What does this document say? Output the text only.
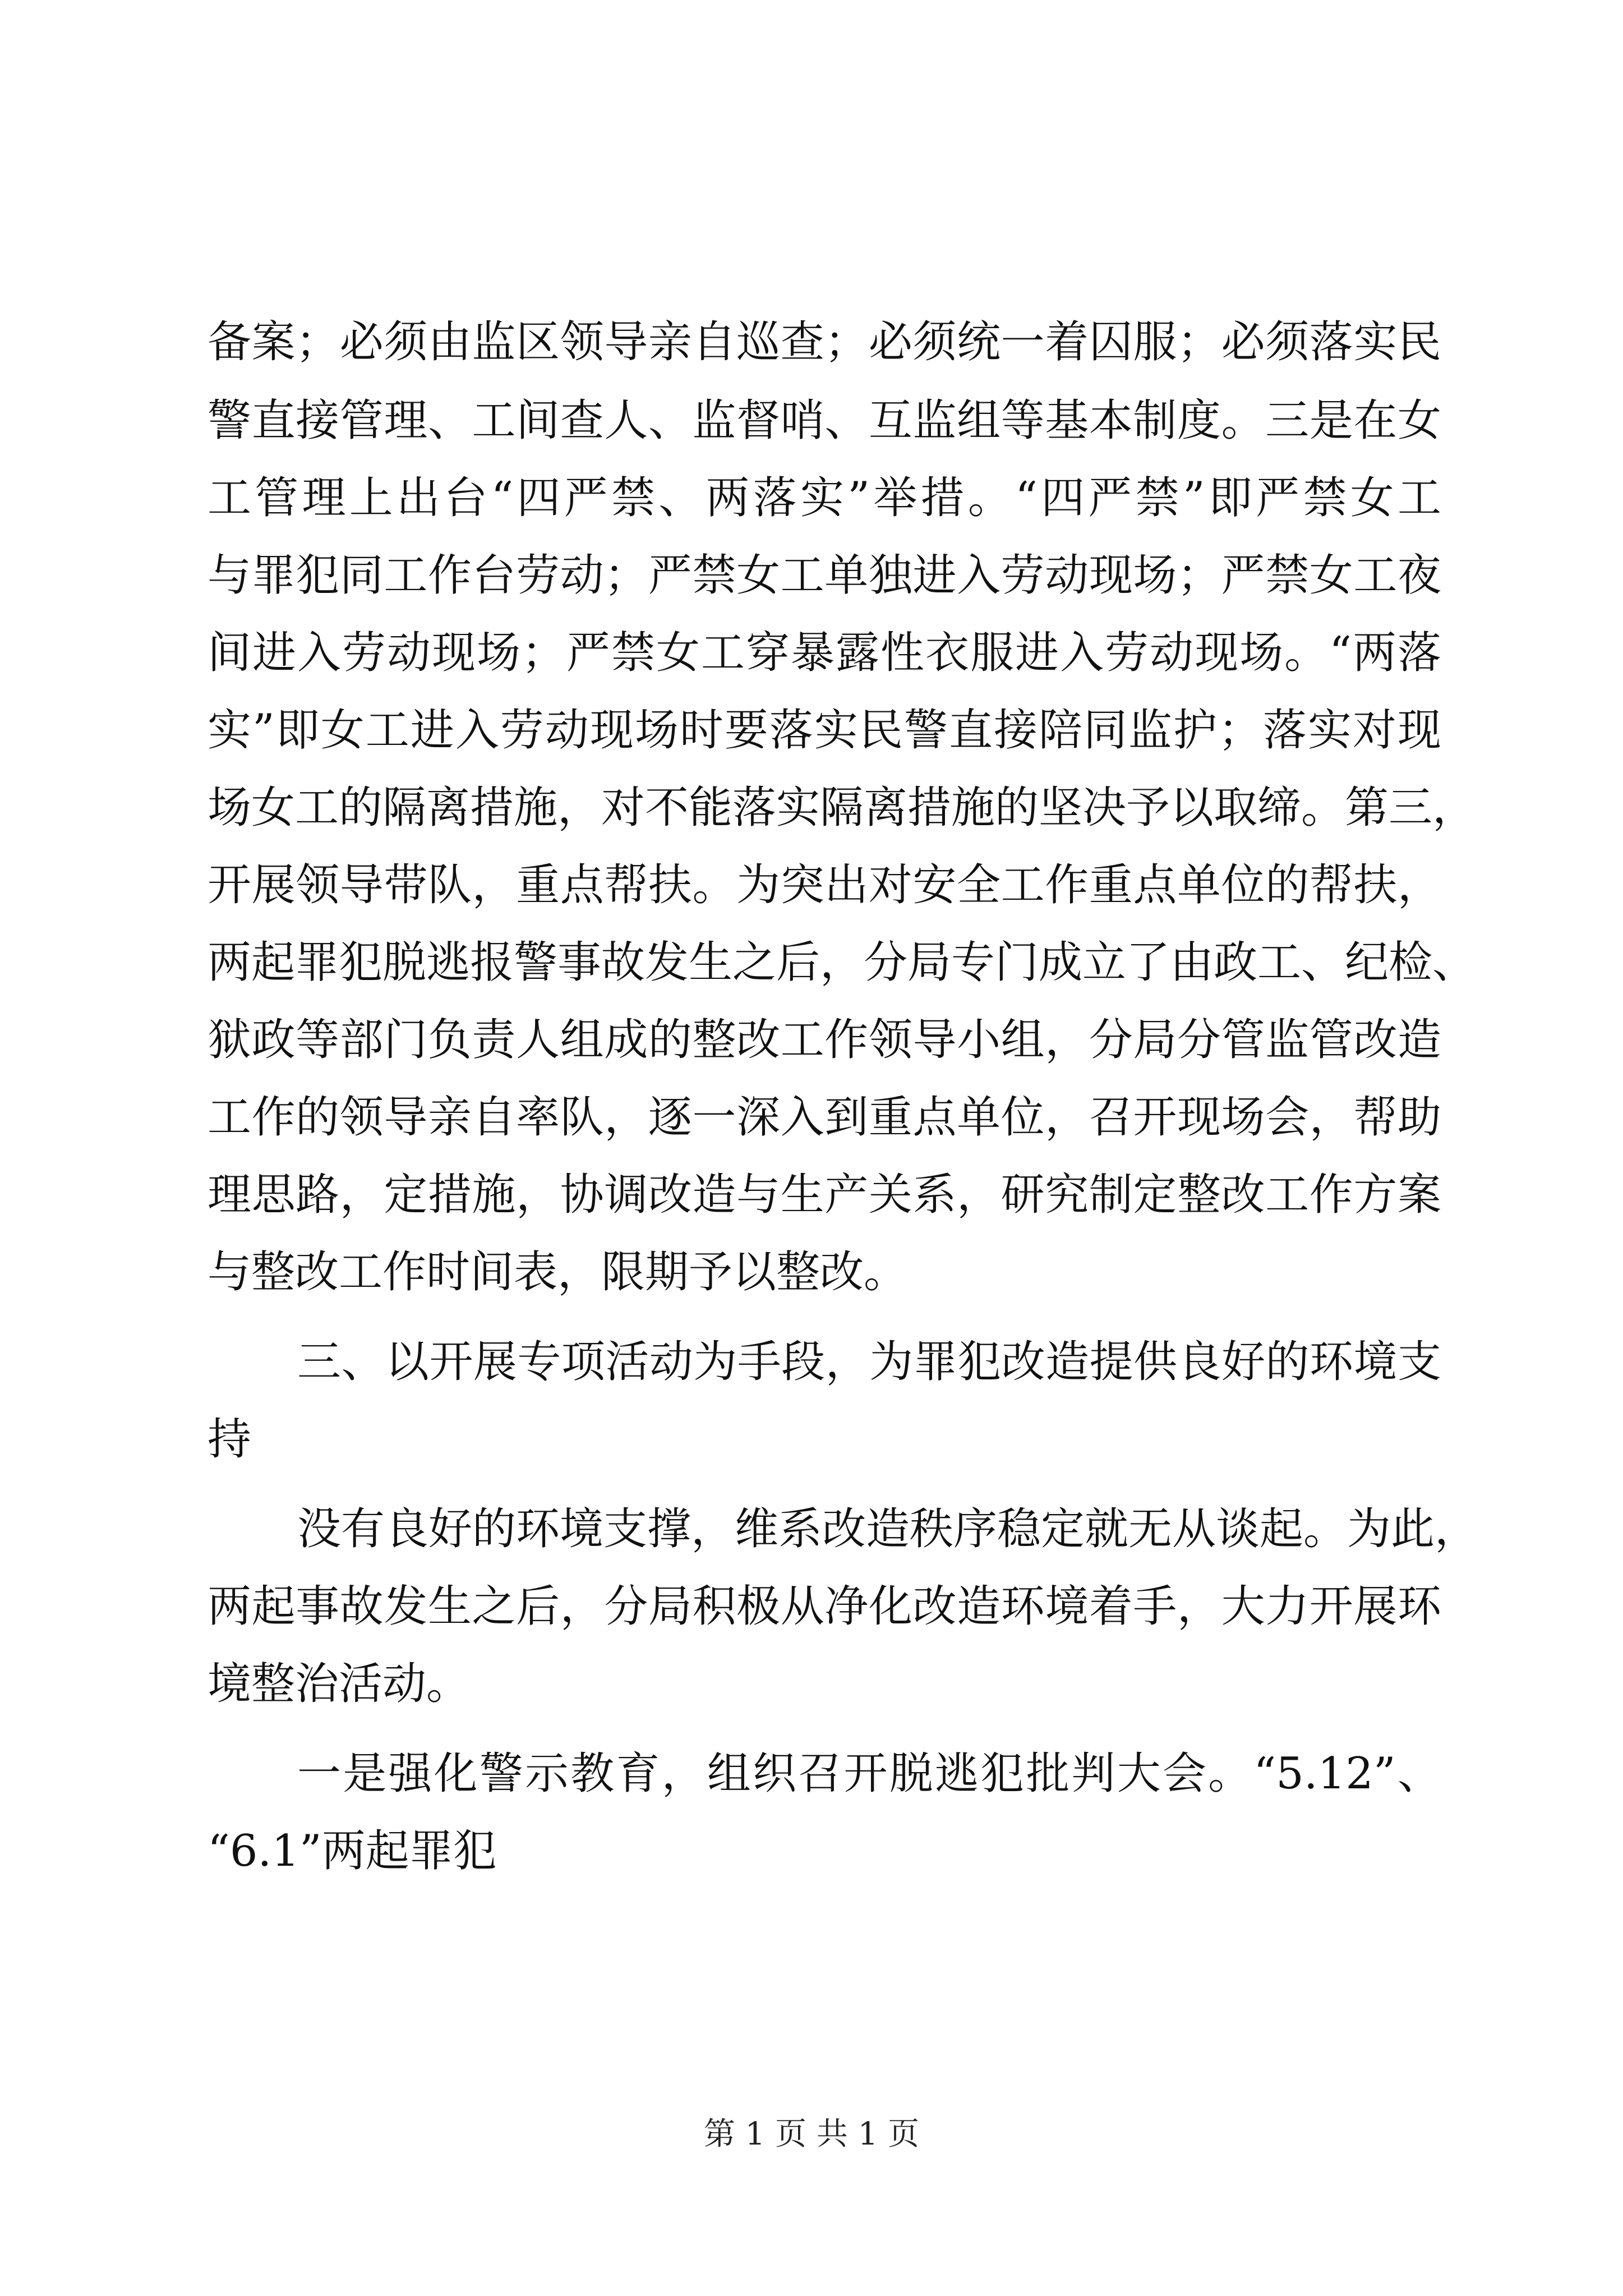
备案；必须由监区领导亲自巡查；必须统一着囚服；必须落实民
警直接管理、工间查人、监督哨、互监组等基本制度。三是在女
工管理上出台“四严禁、两落实”举措。“四严禁”即严禁女工
与罪犯同工作台劳动；严禁女工单独进入劳动现场；严禁女工夜
间进入劳动现场；严禁女工穿暴露性衣服进入劳动现场。“两落
实”即女工进入劳动现场时要落实民警直接陪同监护；落实对现
场女工的隔离措施，对不能落实隔离措施的坚决予以取缔。第三，
开展领导带队，重点帮扶。为突出对安全工作重点单位的帮扶，
两起罪犯脱逃报警事故发生之后，分局专门成立了由政工、纪检、
狱政等部门负责人组成的整改工作领导小组，分局分管监管改造
工作的领导亲自率队，逐一深入到重点单位，召开现场会，帮助
理思路，定措施，协调改造与生产关系，研究制定整改工作方案
与整改工作时间表，限期予以整改。
三、以开展专项活动为手段，为罪犯改造提供良好的环境支
持
没有良好的环境支撑，维系改造秩序稳定就无从谈起。为此，
两起事故发生之后，分局积极从净化改造环境着手，大力开展环
境整治活动。
一是强化警示教育，组织召开脱逃犯批判大会。“5.12”、
“6.1”两起罪犯
第 1 页 共 1 页
